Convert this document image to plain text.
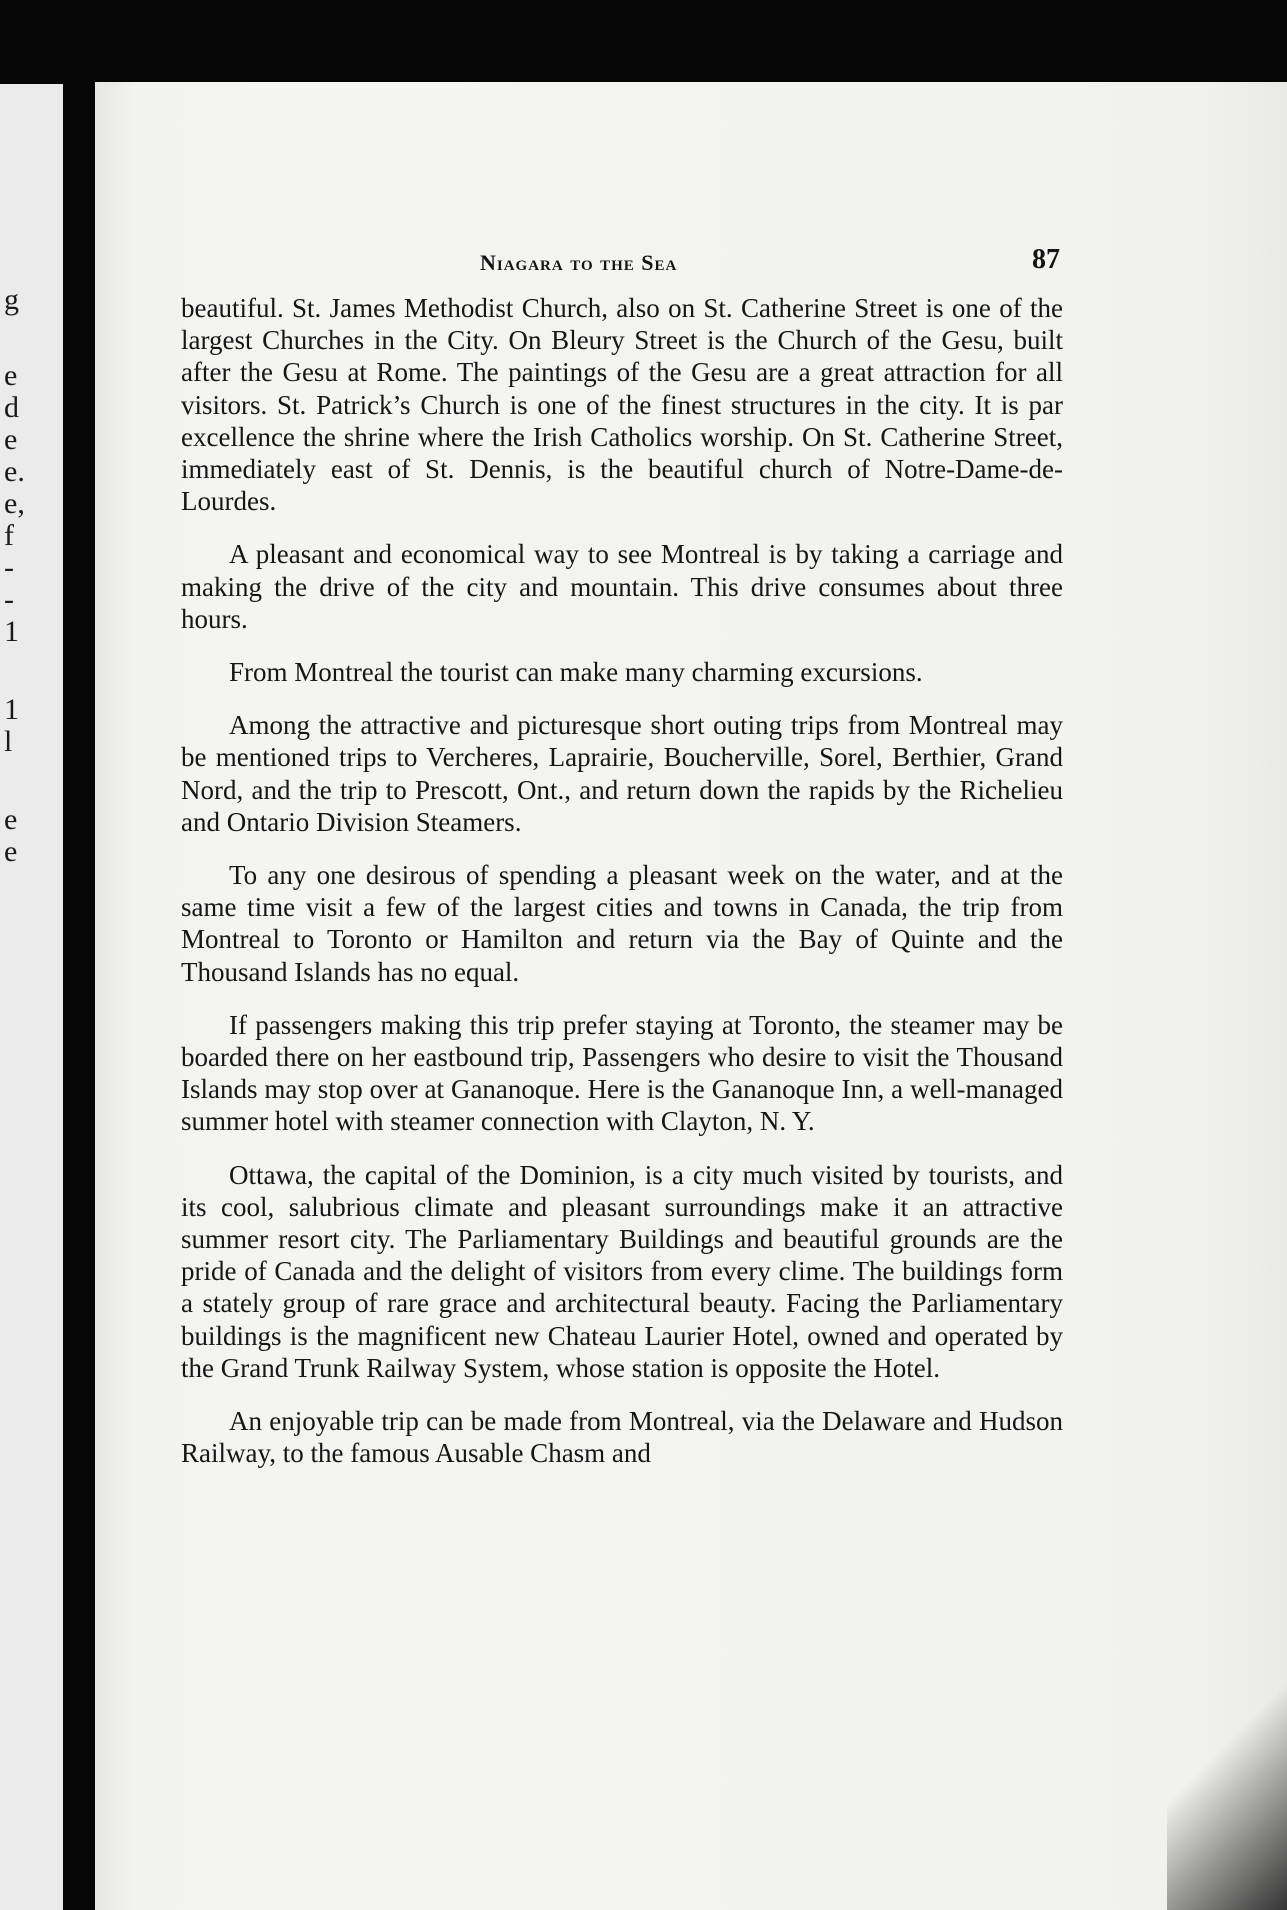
g
e
d
e
e.
e,
f
-
-
1
1
l
e
e
Niagara to the Sea	87

beautiful. St. James Methodist Church, also on St. Catherine Street is one of the largest Churches in the City. On Bleury Street is the Church of the Gesu, built after the Gesu at Rome. The paintings of the Gesu are a great attraction for all visitors. St. Patrick’s Church is one of the finest structures in the city. It is par excellence the shrine where the Irish Catholics worship. On St. Catherine Street, immediately east of St. Dennis, is the beautiful church of Notre-Dame-de-Lourdes.

A pleasant and economical way to see Montreal is by taking a carriage and making the drive of the city and mountain. This drive consumes about three hours.

From Montreal the tourist can make many charming excursions.

Among the attractive and picturesque short outing trips from Montreal may be mentioned trips to Vercheres, Laprairie, Boucherville, Sorel, Berthier, Grand Nord, and the trip to Prescott, Ont., and return down the rapids by the Richelieu and Ontario Division Steamers.

To any one desirous of spending a pleasant week on the water, and at the same time visit a few of the largest cities and towns in Canada, the trip from Montreal to Toronto or Hamilton and return via the Bay of Quinte and the Thousand Islands has no equal.

If passengers making this trip prefer staying at Toronto, the steamer may be boarded there on her eastbound trip, Passengers who desire to visit the Thousand Islands may stop over at Gananoque. Here is the Gananoque Inn, a well-managed summer hotel with steamer connection with Clayton, N. Y.

Ottawa, the capital of the Dominion, is a city much visited by tourists, and its cool, salubrious climate and pleasant surroundings make it an attractive summer resort city. The Parliamentary Buildings and beautiful grounds are the pride of Canada and the delight of visitors from every clime. The buildings form a stately group of rare grace and architectural beauty. Facing the Parliamentary buildings is the magnificent new Chateau Laurier Hotel, owned and operated by the Grand Trunk Railway System, whose station is opposite the Hotel.

An enjoyable trip can be made from Montreal, via the Delaware and Hudson Railway, to the famous Ausable Chasm and
